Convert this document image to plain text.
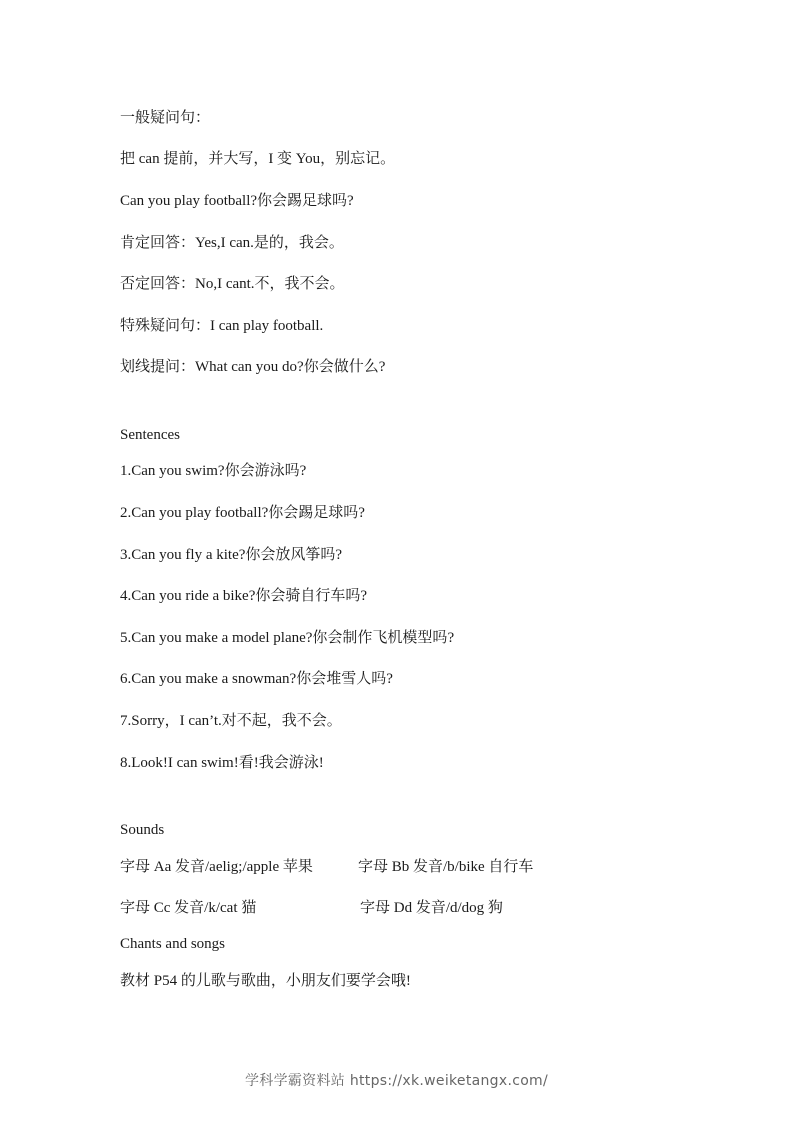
一般疑问句：
把 can 提前，并大写，I 变 You，别忘记。
Can you play football?你会踢足球吗?
肯定回答：Yes,I can.是的，我会。
否定回答：No,I cant.不，我不会。
特殊疑问句：I can play football.
划线提问：What can you do?你会做什么?
Sentences
1.Can you swim?你会游泳吗?
2.Can you play football?你会踢足球吗?
3.Can you fly a kite?你会放风筝吗?
4.Can you ride a bike?你会骑自行车吗?
5.Can you make a model plane?你会制作飞机模型吗?
6.Can you make a snowman?你会堆雪人吗?
7.Sorry，I can’t.对不起，我不会。
8.Look!I can swim!看!我会游泳!
Sounds
字母 Aa 发音/aelig;/apple 苹果	字母 Bb 发音/b/bike 自行车
字母 Cc 发音/k/cat 猫	字母 Dd 发音/d/dog 狗
Chants and songs
教材 P54 的儿歌与歌曲，小朋友们要学会哦!
学科学霸资料站 https://xk.weiketangx.com/
